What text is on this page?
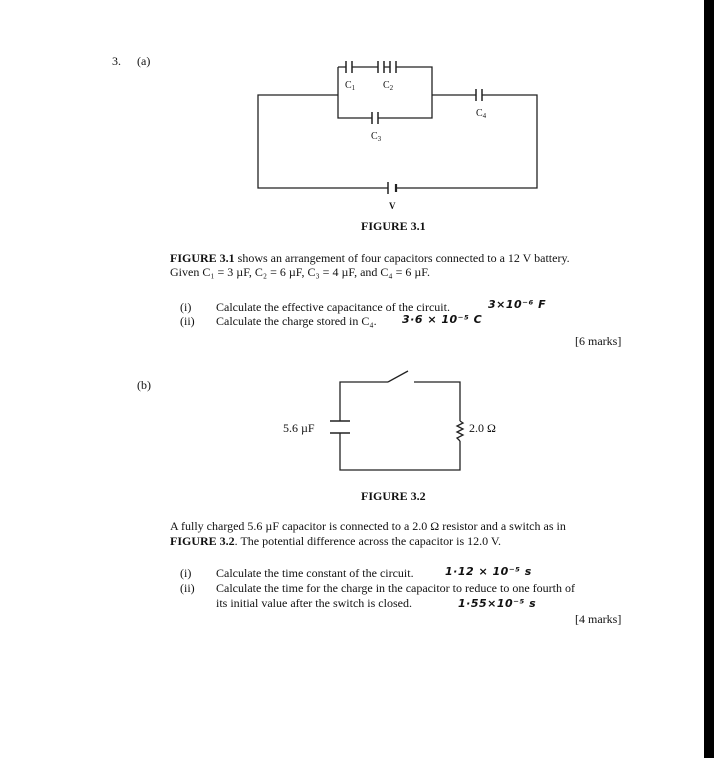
3. (a)
$C_1$	$C_2$
$C_3$
$C_4$
V
FIGURE 3.1
FIGURE 3.1 shows an arrangement of four capacitors connected to a 12 V battery.
Given C₁ = 3 µF, C₂ = 6 µF, C₃ = 4 µF, and C₄ = 6 µF.
(i) Calculate the effective capacitance of the circuit.	3×10⁻⁶ F
(ii) Calculate the charge stored in C₄. 3·6 × 10⁻⁵ C
[6 marks]
(b)
5.6 µF	2.0 Ω
FIGURE 3.2
A fully charged 5.6 µF capacitor is connected to a 2.0 Ω resistor and a switch as in
FIGURE 3.2. The potential difference across the capacitor is 12.0 V.
(i) Calculate the time constant of the circuit.	1·12 × 10⁻⁵ s
(ii) Calculate the time for the charge in the capacitor to reduce to one fourth of
its initial value after the switch is closed.	1·55×10⁻⁵ s
[4 marks]
